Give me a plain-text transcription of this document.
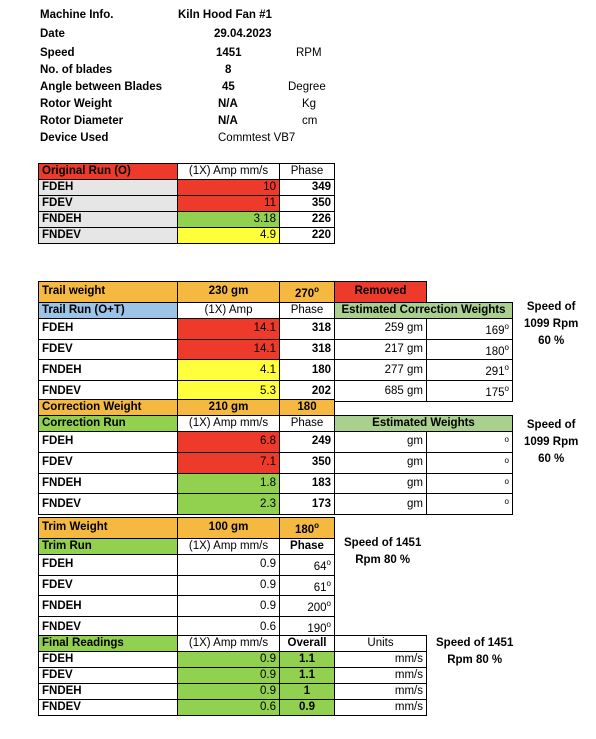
Machine Info.	Kiln Hood Fan #1
Date	29.04.2023
Speed	1451	RPM
No. of blades	8
Angle between Blades	45	Degree
Rotor Weight	N/A	Kg
Rotor Diameter	N/A	cm
Device Used	Commtest VB7
Original Run (O)	(1X) Amp mm/s	Phase
FDEH	10	349
FDEV	11	350
FNDEH	3.18	226
FNDEV	4.9	220
Trail weight	230 gm	270$^o$	Removed	
Trail Run (O+T)	(1X) Amp	Phase	Estimated Correction Weights	
FDEH	14.1	318	259 gm	169$^o$
FDEV	14.1	318	217 gm	180$^o$
FNDEH	4.1	180	277 gm	291$^o$
FNDEV	5.3	202	685 gm	175$^o$
Speed of
1099 Rpm
60 %
Correction Weight	210 gm	180		
Correction Run	(1X) Amp mm/s	Phase	Estimated Weights	
FDEH	6.8	249	gm	$^o$
FDEV	7.1	350	gm	$^o$
FNDEH	1.8	183	gm	$^o$
FNDEV	2.3	173	gm	$^o$
Speed of
1099 Rpm
60 %
Trim Weight	100 gm	180$^o$
Trim Run	(1X) Amp mm/s	Phase
FDEH	0.9	64$^o$
FDEV	0.9	61$^o$
FNDEH	0.9	200$^o$
FNDEV	0.6	190$^o$
Speed of 1451
Rpm 80 %
Final Readings	(1X) Amp mm/s	Overall	Units
FDEH	0.9	1.1	mm/s
FDEV	0.9	1.1	mm/s
FNDEH	0.9	1	mm/s
FNDEV	0.6	0.9	mm/s
Speed of 1451
Rpm 80 %
